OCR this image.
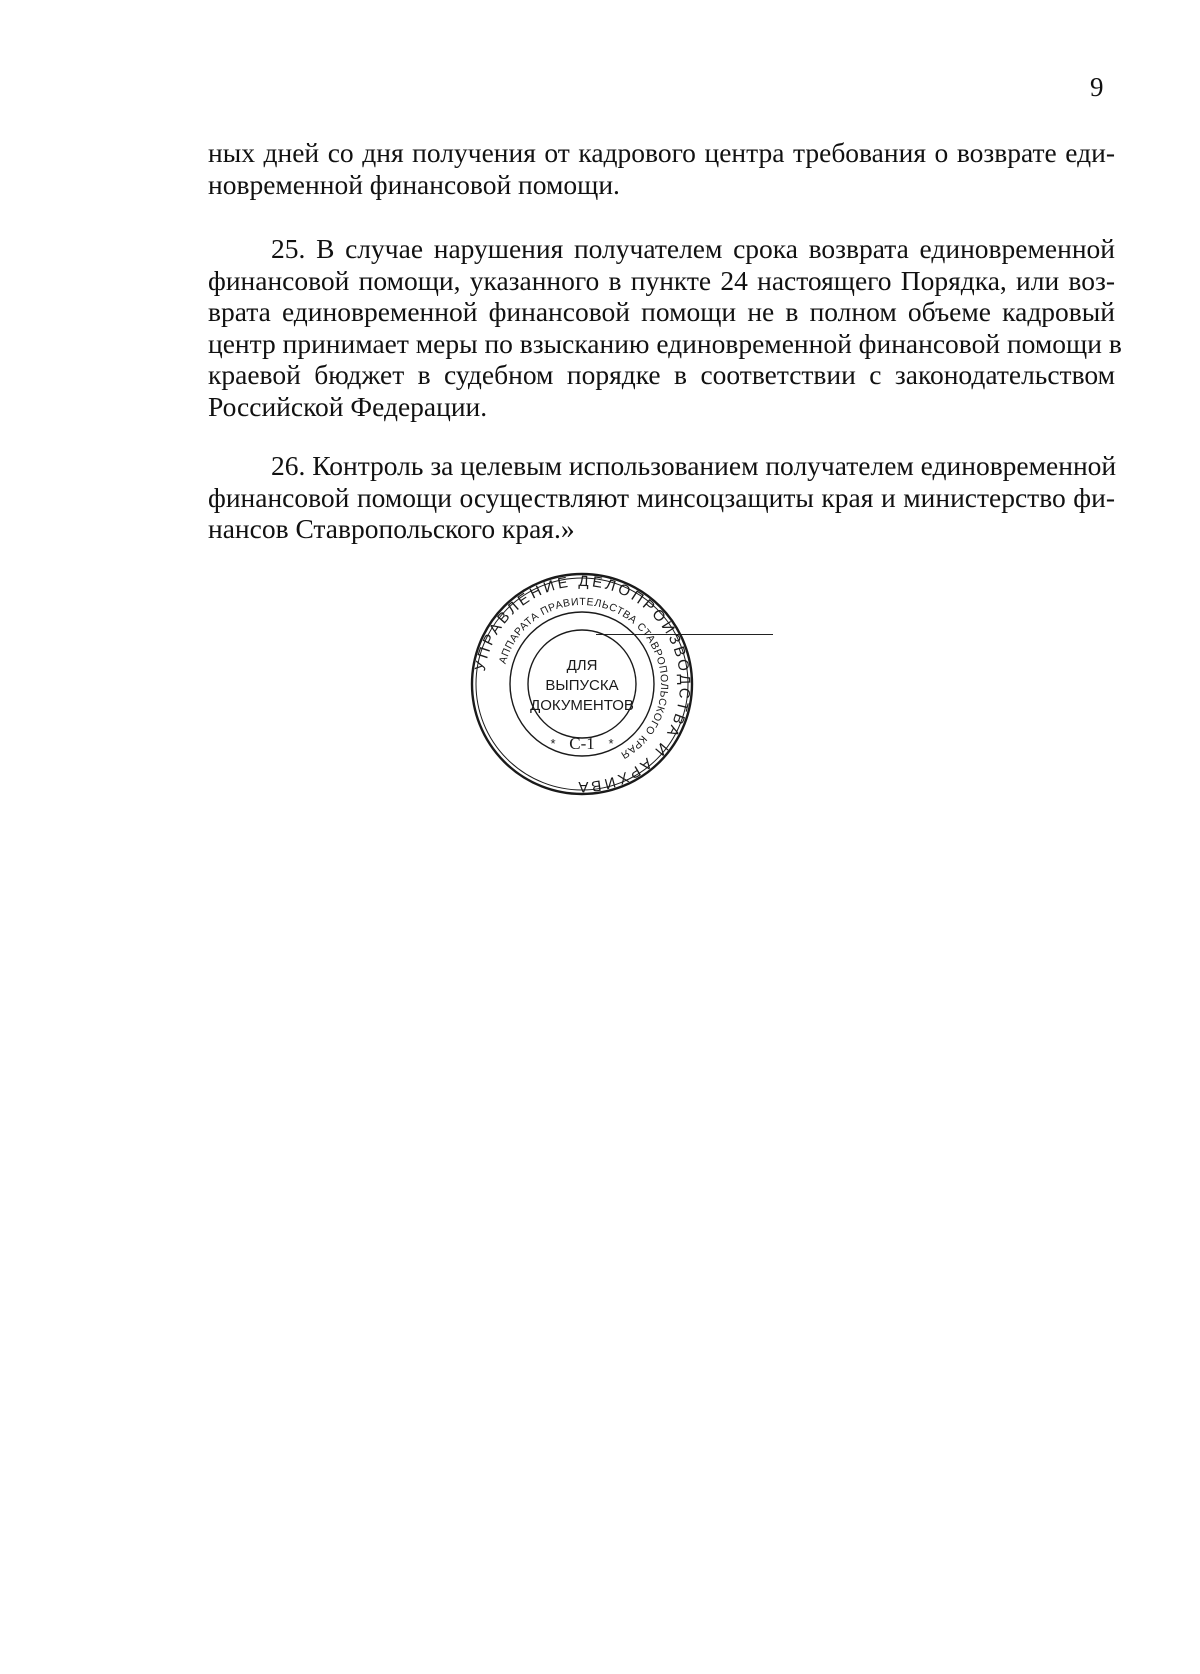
9

ных дней со дня получения от кадрового центра требования о возврате еди-
новременной финансовой помощи.

25. В случае нарушения получателем срока возврата единовременной
финансовой помощи, указанного в пункте 24 настоящего Порядка, или воз-
врата единовременной финансовой помощи не в полном объеме кадровый
центр принимает меры по взысканию единовременной финансовой помощи в
краевой бюджет в судебном порядке в соответствии с законодательством
Российской Федерации.

26. Контроль за целевым использованием получателем единовременной
финансовой помощи осуществляют минсоцзащиты края и министерство фи-
нансов Ставропольского края.»

УПРАВЛЕНИЕ ДЕЛОПРОИЗВОДСТВА И АРХИВА
АППАРАТА ПРАВИТЕЛЬСТВА СТАВРОПОЛЬСКОГО КРАЯ
ДЛЯ
ВЫПУСКА
ДОКУМЕНТОВ
С-1
*	*
